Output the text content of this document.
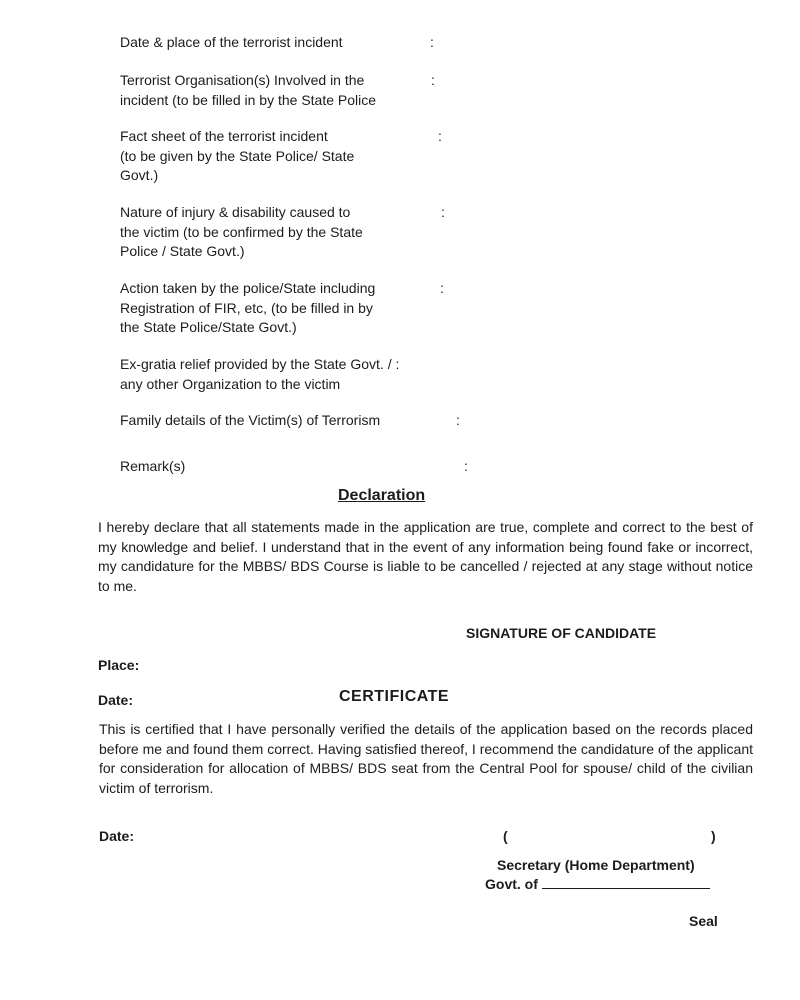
Date & place of the terrorist incident	:
Terrorist Organisation(s) Involved in the
incident (to be filled in by the State Police
:
Fact sheet of the terrorist incident
(to be given by the State Police/ State
Govt.)
:
Nature of injury & disability caused to
the victim (to be confirmed by the State
Police / State Govt.)
:
Action taken by the police/State including
Registration of FIR, etc, (to be filled in by
the State Police/State Govt.)
:
Ex-gratia relief provided by the State Govt. / :
any other Organization to the victim
Family details of the Victim(s) of Terrorism	:
Remark(s)	:
Declaration
I hereby declare that all statements made in the application are true, complete and correct to the best of my knowledge and belief. I understand that in the event of any information being found fake or incorrect, my candidature for the MBBS/ BDS Course is liable to be cancelled / rejected at any stage without notice to me.
SIGNATURE OF CANDIDATE
Place:
Date:	CERTIFICATE
This is certified that I have personally verified the details of the application based on the records placed before me and found them correct. Having satisfied thereof, I recommend the candidature of the applicant for consideration for allocation of MBBS/ BDS seat from the Central Pool for spouse/ child of the civilian victim of terrorism.
Date:	(	)
Secretary (Home Department)
Govt. of
Seal
